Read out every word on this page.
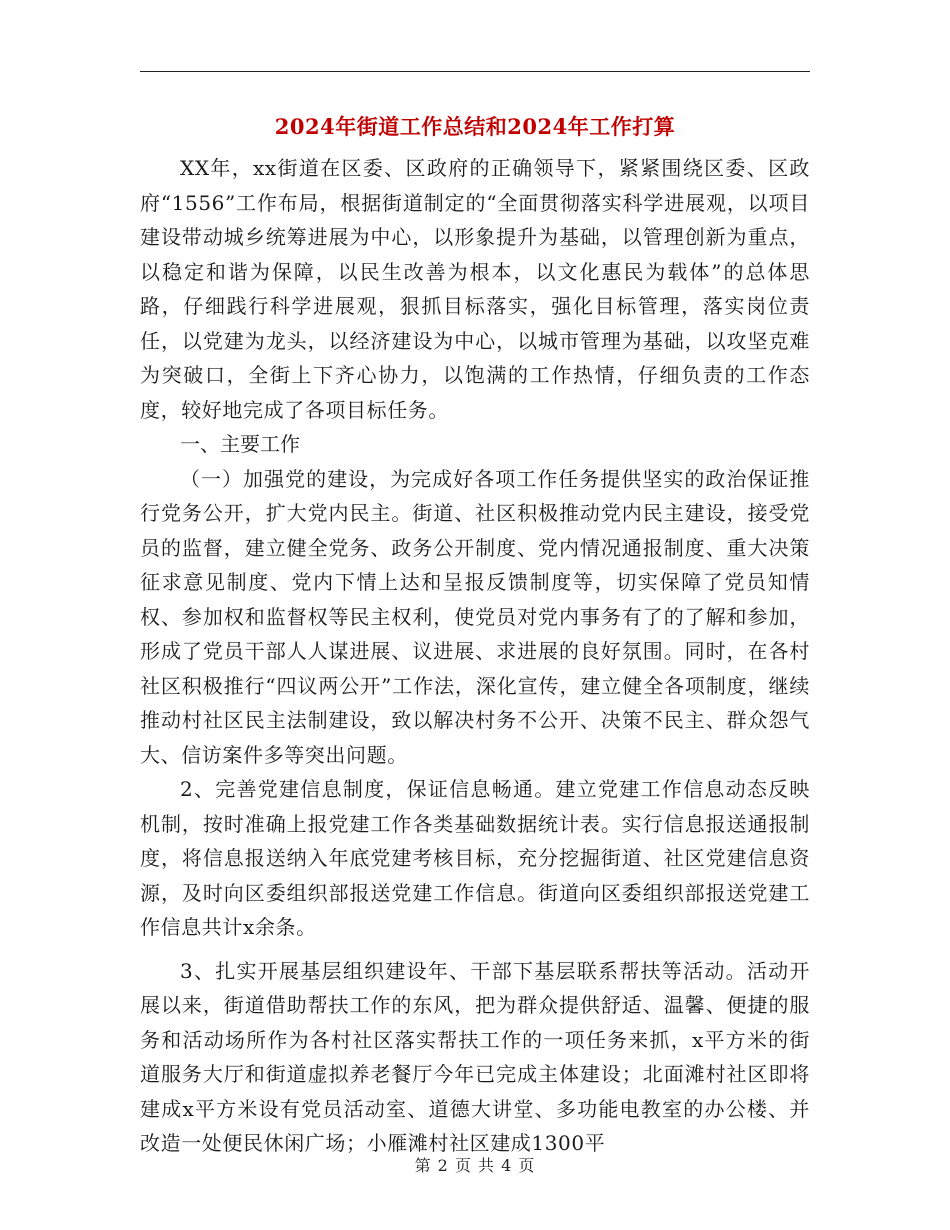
2024年街道工作总结和2024年工作打算

XX年，xx街道在区委、区政府的正确领导下，紧紧围绕区委、区政府“1556”工作布局，根据街道制定的“全面贯彻落实科学进展观，以项目建设带动城乡统筹进展为中心，以形象提升为基础，以管理创新为重点，以稳定和谐为保障，以民生改善为根本，以文化惠民为载体”的总体思路，仔细践行科学进展观，狠抓目标落实，强化目标管理，落实岗位责任，以党建为龙头，以经济建设为中心，以城市管理为基础，以攻坚克难为突破口，全街上下齐心协力，以饱满的工作热情，仔细负责的工作态度，较好地完成了各项目标任务。

一、主要工作

（一）加强党的建设，为完成好各项工作任务提供坚实的政治保证推行党务公开，扩大党内民主。街道、社区积极推动党内民主建设，接受党员的监督，建立健全党务、政务公开制度、党内情况通报制度、重大决策征求意见制度、党内下情上达和呈报反馈制度等，切实保障了党员知情权、参加权和监督权等民主权利，使党员对党内事务有了的了解和参加，形成了党员干部人人谋进展、议进展、求进展的良好氛围。同时，在各村社区积极推行“四议两公开”工作法，深化宣传，建立健全各项制度，继续推动村社区民主法制建设，致以解决村务不公开、决策不民主、群众怨气大、信访案件多等突出问题。

2、完善党建信息制度，保证信息畅通。建立党建工作信息动态反映机制，按时准确上报党建工作各类基础数据统计表。实行信息报送通报制度，将信息报送纳入年底党建考核目标，充分挖掘街道、社区党建信息资源，及时向区委组织部报送党建工作信息。街道向区委组织部报送党建工作信息共计x余条。

3、扎实开展基层组织建设年、干部下基层联系帮扶等活动。活动开展以来，街道借助帮扶工作的东风，把为群众提供舒适、温馨、便捷的服务和活动场所作为各村社区落实帮扶工作的一项任务来抓，x平方米的街道服务大厅和街道虚拟养老餐厅今年已完成主体建设；北面滩村社区即将建成x平方米设有党员活动室、道德大讲堂、多功能电教室的办公楼、并改造一处便民休闲广场；小雁滩村社区建成1300平

第 2 页 共 4 页
